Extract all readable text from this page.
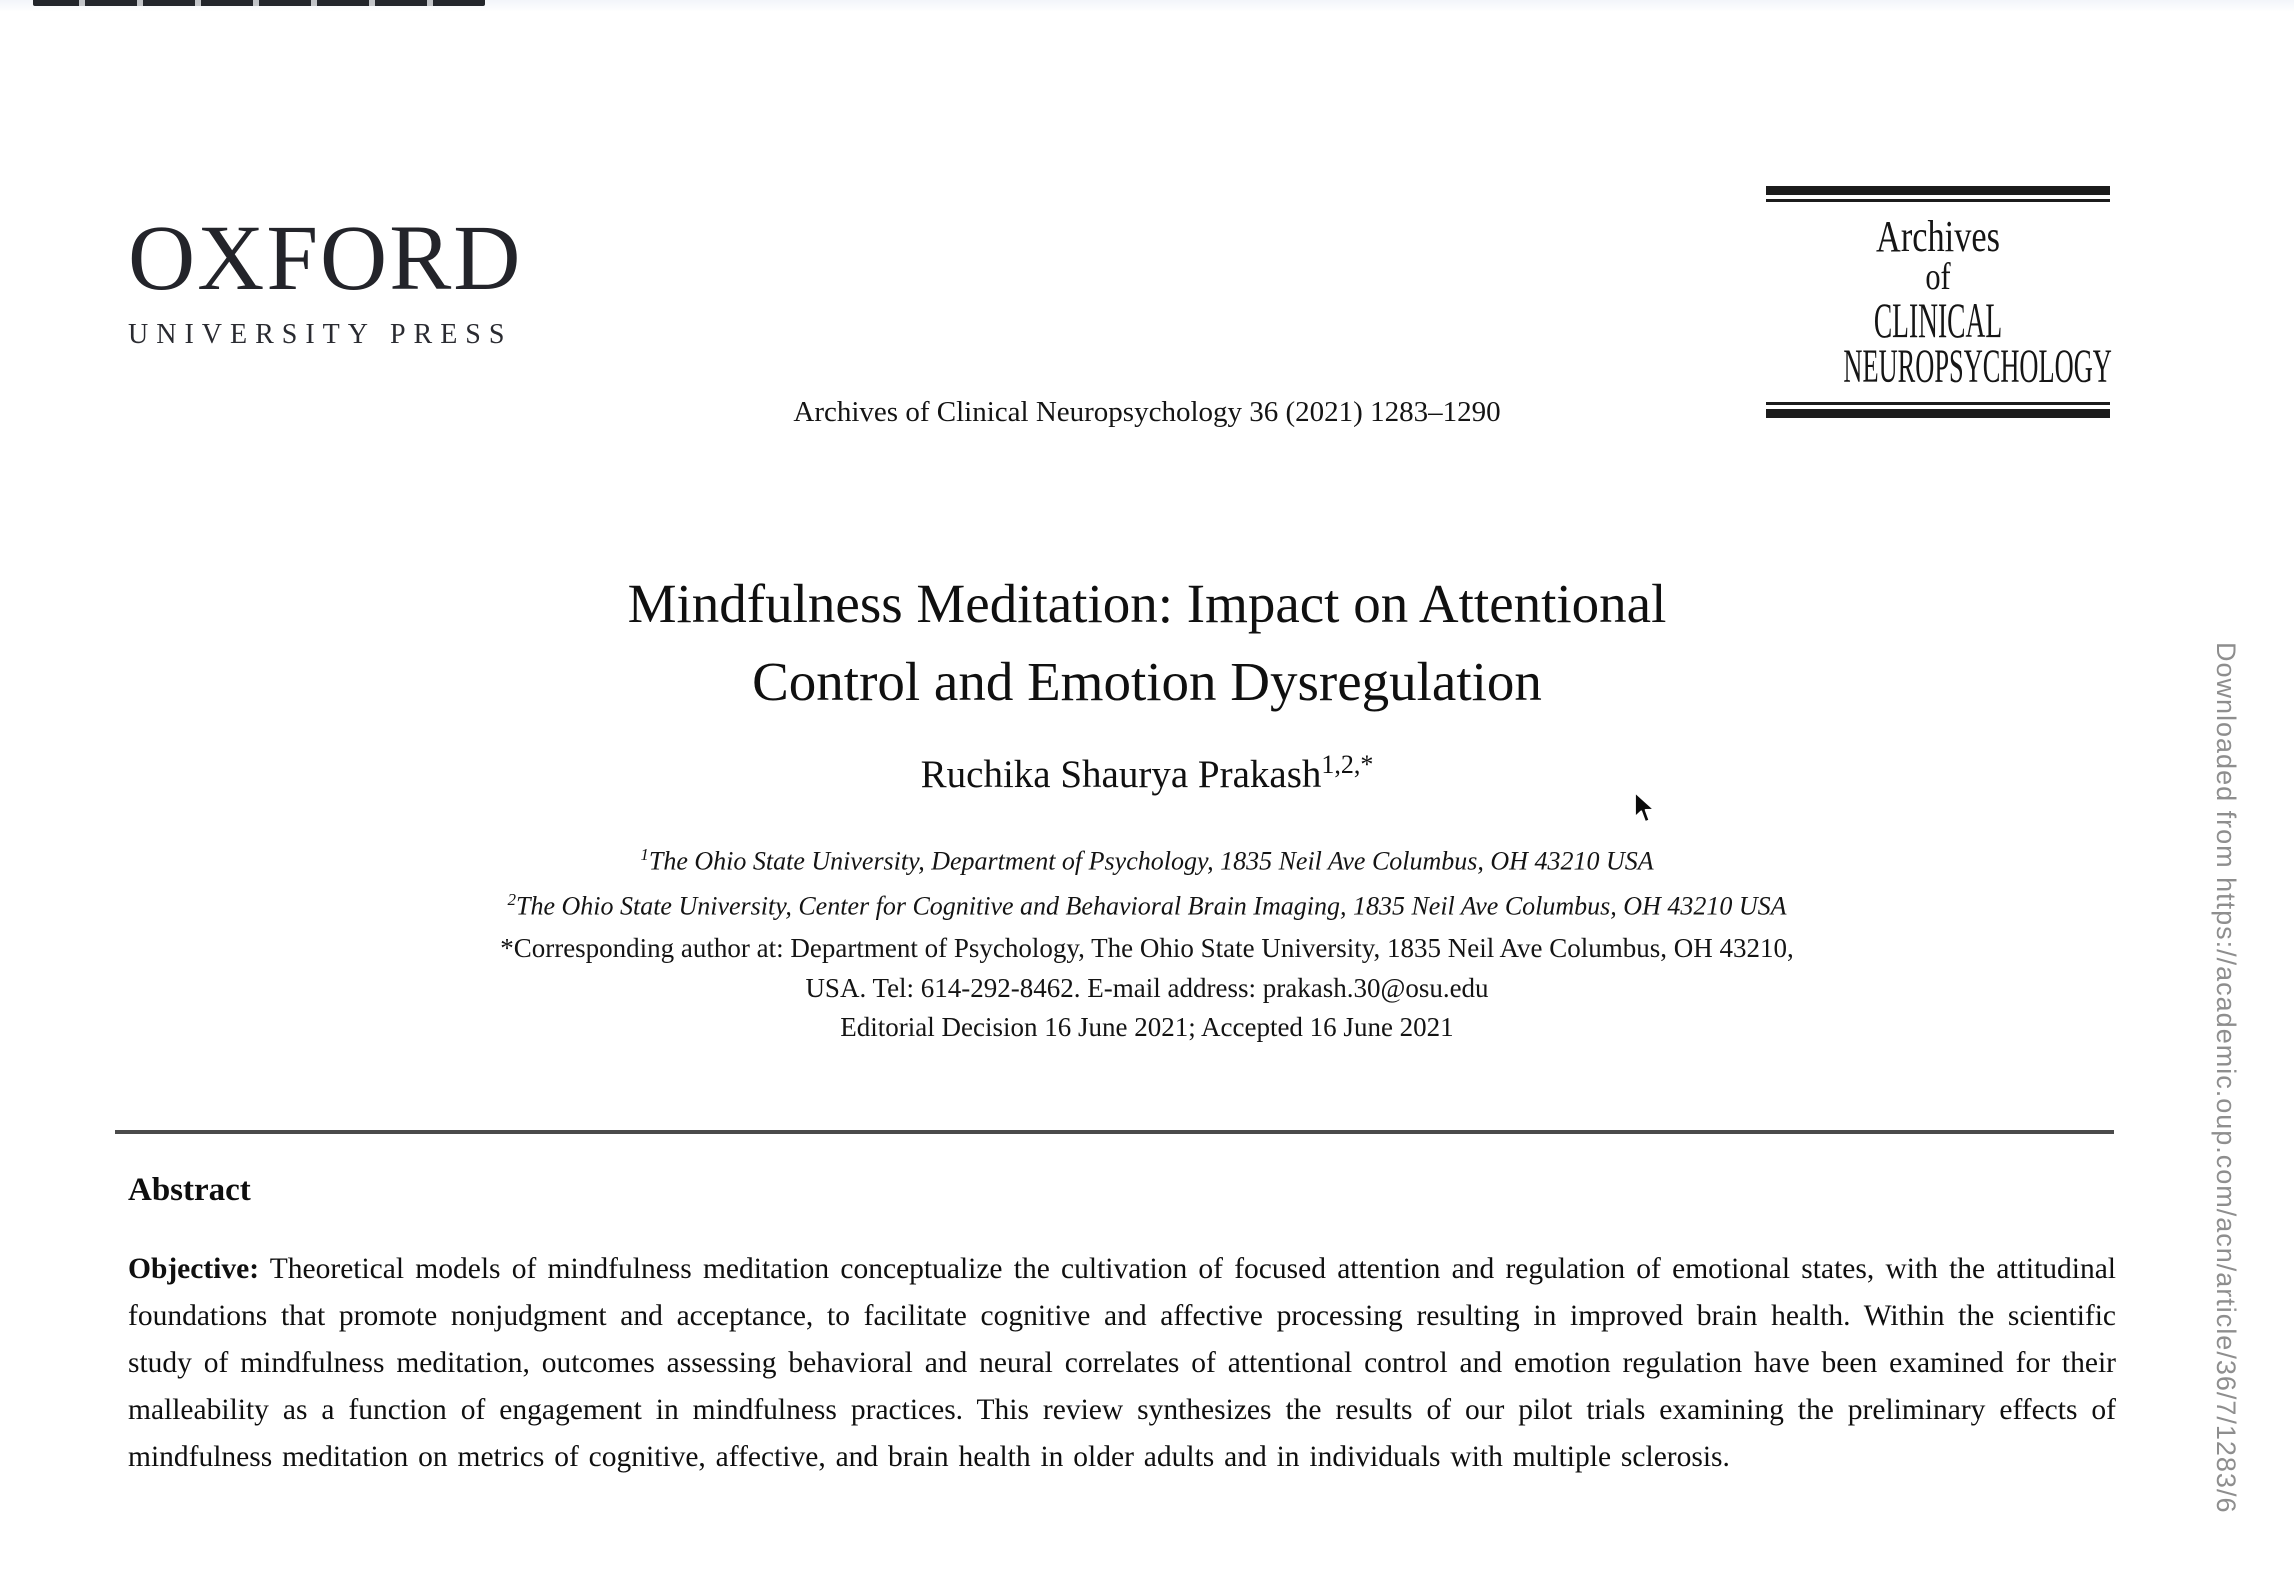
OXFORD
UNIVERSITY PRESS
Archives
of
CLINICAL
NEUROPSYCHOLOGY
Archives of Clinical Neuropsychology 36 (2021) 1283–1290
Mindfulness Meditation: Impact on Attentional
Control and Emotion Dysregulation
Ruchika Shaurya Prakash$^{1,2,*}$
$^1$The Ohio State University, Department of Psychology, 1835 Neil Ave Columbus, OH 43210 USA
$^2$The Ohio State University, Center for Cognitive and Behavioral Brain Imaging, 1835 Neil Ave Columbus, OH 43210 USA
*Corresponding author at: Department of Psychology, The Ohio State University, 1835 Neil Ave Columbus, OH 43210,
USA. Tel: 614-292-8462. E-mail address: prakash.30@osu.edu
Editorial Decision 16 June 2021; Accepted 16 June 2021
Abstract

Objective: Theoretical models of mindfulness meditation conceptualize the cultivation of focused attention and regulation of emotional states, with the attitudinal foundations that promote nonjudgment and acceptance, to facilitate cognitive and affective processing resulting in improved brain health. Within the scientific study of mindfulness meditation, outcomes assessing behavioral and neural correlates of attentional control and emotion regulation have been examined for their malleability as a function of engagement in mindfulness practices. This review synthesizes the results of our pilot trials examining the preliminary effects of mindfulness meditation on metrics of cognitive, affective, and brain health in older adults and in individuals with multiple sclerosis.	Downloaded from https://academic.oup.com/acn/article/36/7/1283/6
